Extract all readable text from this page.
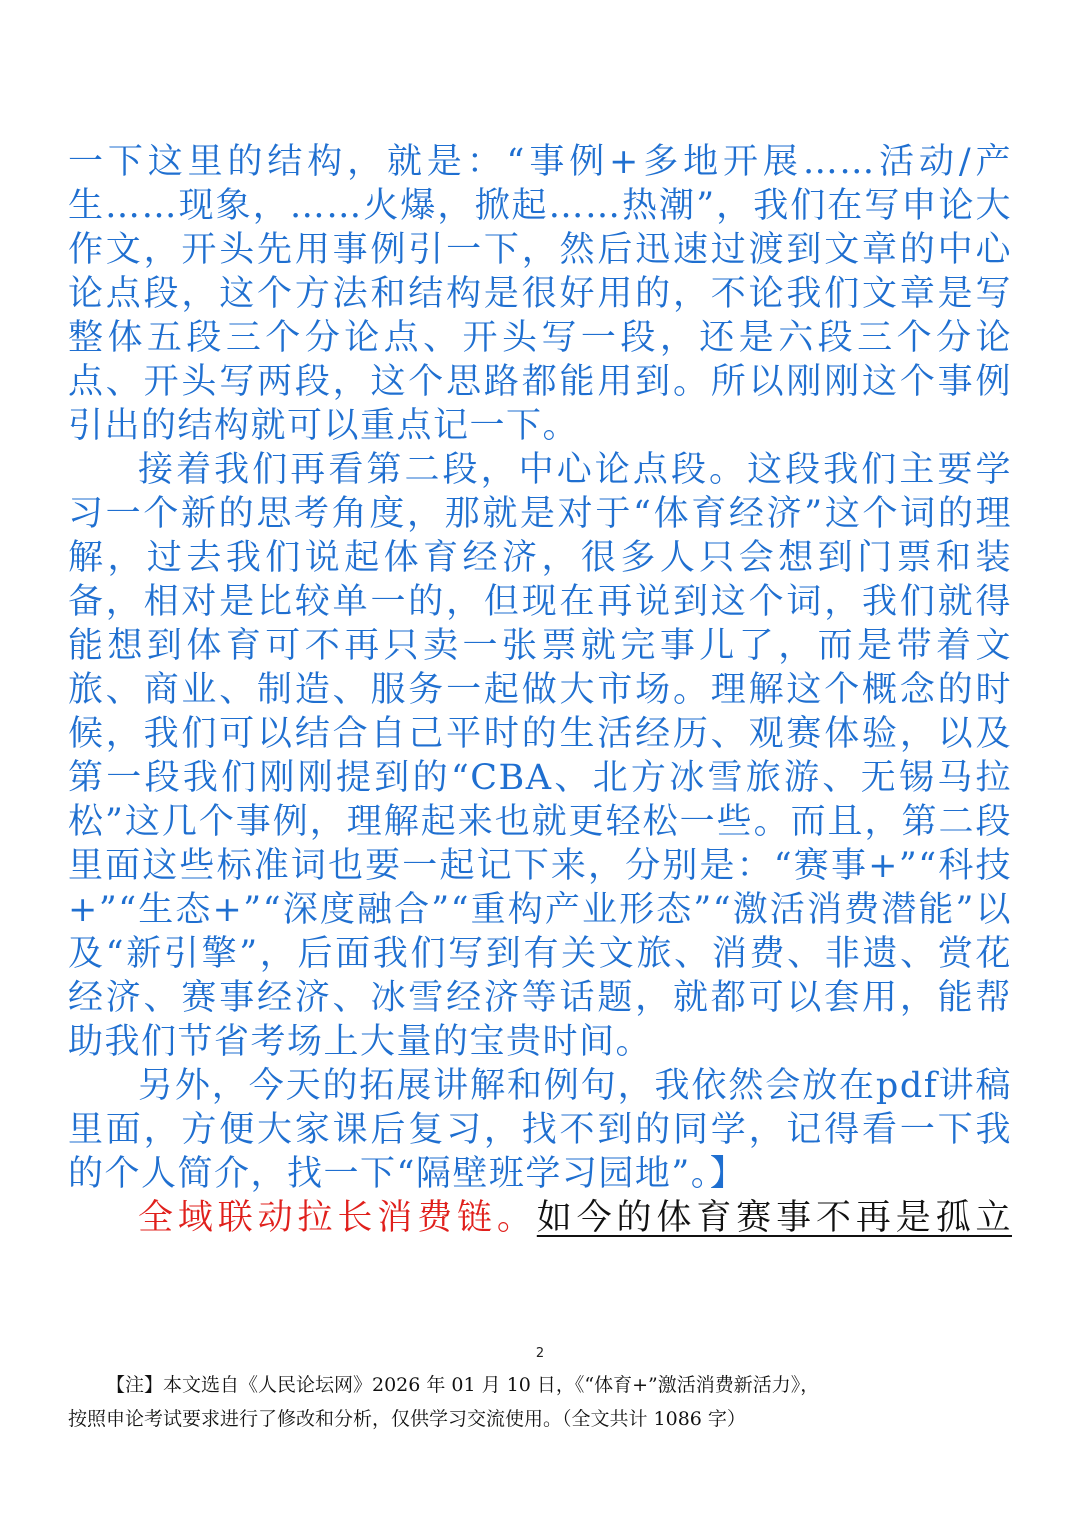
一下这里的结构，就是：“事例+多地开展……活动/产生……现象，……火爆，掀起……热潮”，我们在写申论大作文，开头先用事例引一下，然后迅速过渡到文章的中心论点段，这个方法和结构是很好用的，不论我们文章是写整体五段三个分论点、开头写一段，还是六段三个分论点、开头写两段，这个思路都能用到。所以刚刚这个事例引出的结构就可以重点记一下。

接着我们再看第二段，中心论点段。这段我们主要学习一个新的思考角度，那就是对于“体育经济”这个词的理解，过去我们说起体育经济，很多人只会想到门票和装备，相对是比较单一的，但现在再说到这个词，我们就得能想到体育可不再只卖一张票就完事儿了，而是带着文旅、商业、制造、服务一起做大市场。理解这个概念的时候，我们可以结合自己平时的生活经历、观赛体验，以及第一段我们刚刚提到的“CBA、北方冰雪旅游、无锡马拉松”这几个事例，理解起来也就更轻松一些。而且，第二段里面这些标准词也要一起记下来，分别是：“赛事+”“科技+”“生态+”“深度融合”“重构产业形态”“激活消费潜能”以及“新引擎”，后面我们写到有关文旅、消费、非遗、赏花经济、赛事经济、冰雪经济等话题，就都可以套用，能帮助我们节省考场上大量的宝贵时间。

另外，今天的拓展讲解和例句，我依然会放在pdf讲稿里面，方便大家课后复习，找不到的同学，记得看一下我的个人简介，找一下“隔壁班学习园地”。】

全域联动拉长消费链。如今的体育赛事不再是孤立

2

【注】本文选自《人民论坛网》2026 年 01 月 10 日，《“体育+”激活消费新活力》，

按照申论考试要求进行了修改和分析，仅供学习交流使用。（全文共计 1086 字）
